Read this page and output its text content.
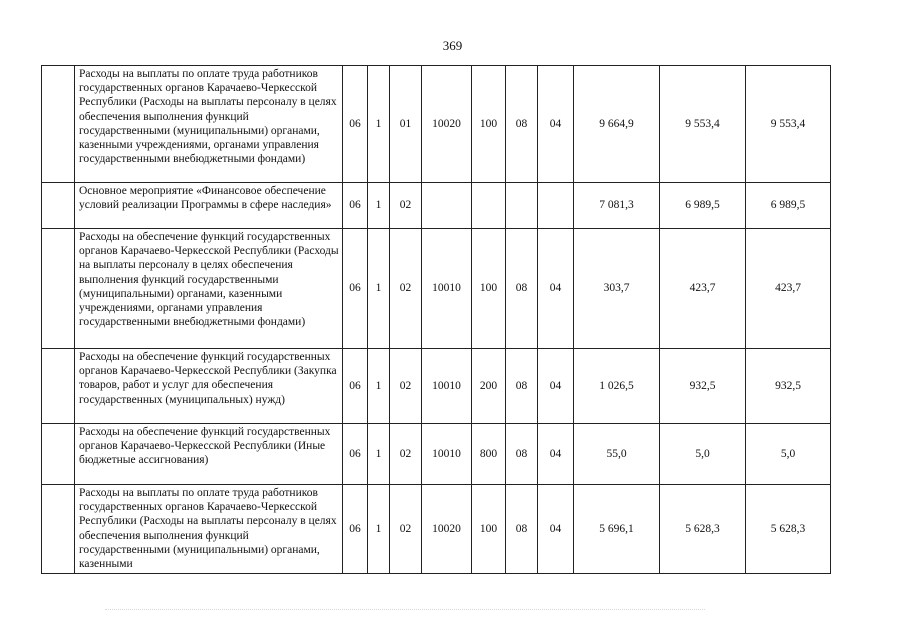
369
	Расходы на выплаты по оплате труда работников государственных органов Карачаево-Черкесской Республики (Расходы на выплаты персоналу в целях обеспечения выполнения функций государственными (муниципальными) органами, казенными учреждениями, органами управления государственными внебюджетными фондами)	06	1	01	10020	100	08	04	9 664,9	9 553,4	9 553,4
	Основное мероприятие «Финансовое обеспечение условий реализации Программы в сфере наследия»	06	1	02					7 081,3	6 989,5	6 989,5
	Расходы на обеспечение функций государственных органов Карачаево-Черкесской Республики (Расходы на выплаты персоналу в целях обеспечения выполнения функций государственными (муниципальными) органами, казенными учреждениями, органами управления государственными внебюджетными фондами)	06	1	02	10010	100	08	04	303,7	423,7	423,7
	Расходы на обеспечение функций государственных органов Карачаево-Черкесской Республики (Закупка товаров, работ и услуг для обеспечения государственных (муниципальных) нужд)	06	1	02	10010	200	08	04	1 026,5	932,5	932,5
	Расходы на обеспечение функций государственных органов Карачаево-Черкесской Республики (Иные бюджетные ассигнования)	06	1	02	10010	800	08	04	55,0	5,0	5,0
	Расходы на выплаты по оплате труда работников государственных органов Карачаево-Черкесской Республики (Расходы на выплаты персоналу в целях обеспечения выполнения функций государственными (муниципальными) органами, казенными	06	1	02	10020	100	08	04	5 696,1	5 628,3	5 628,3
